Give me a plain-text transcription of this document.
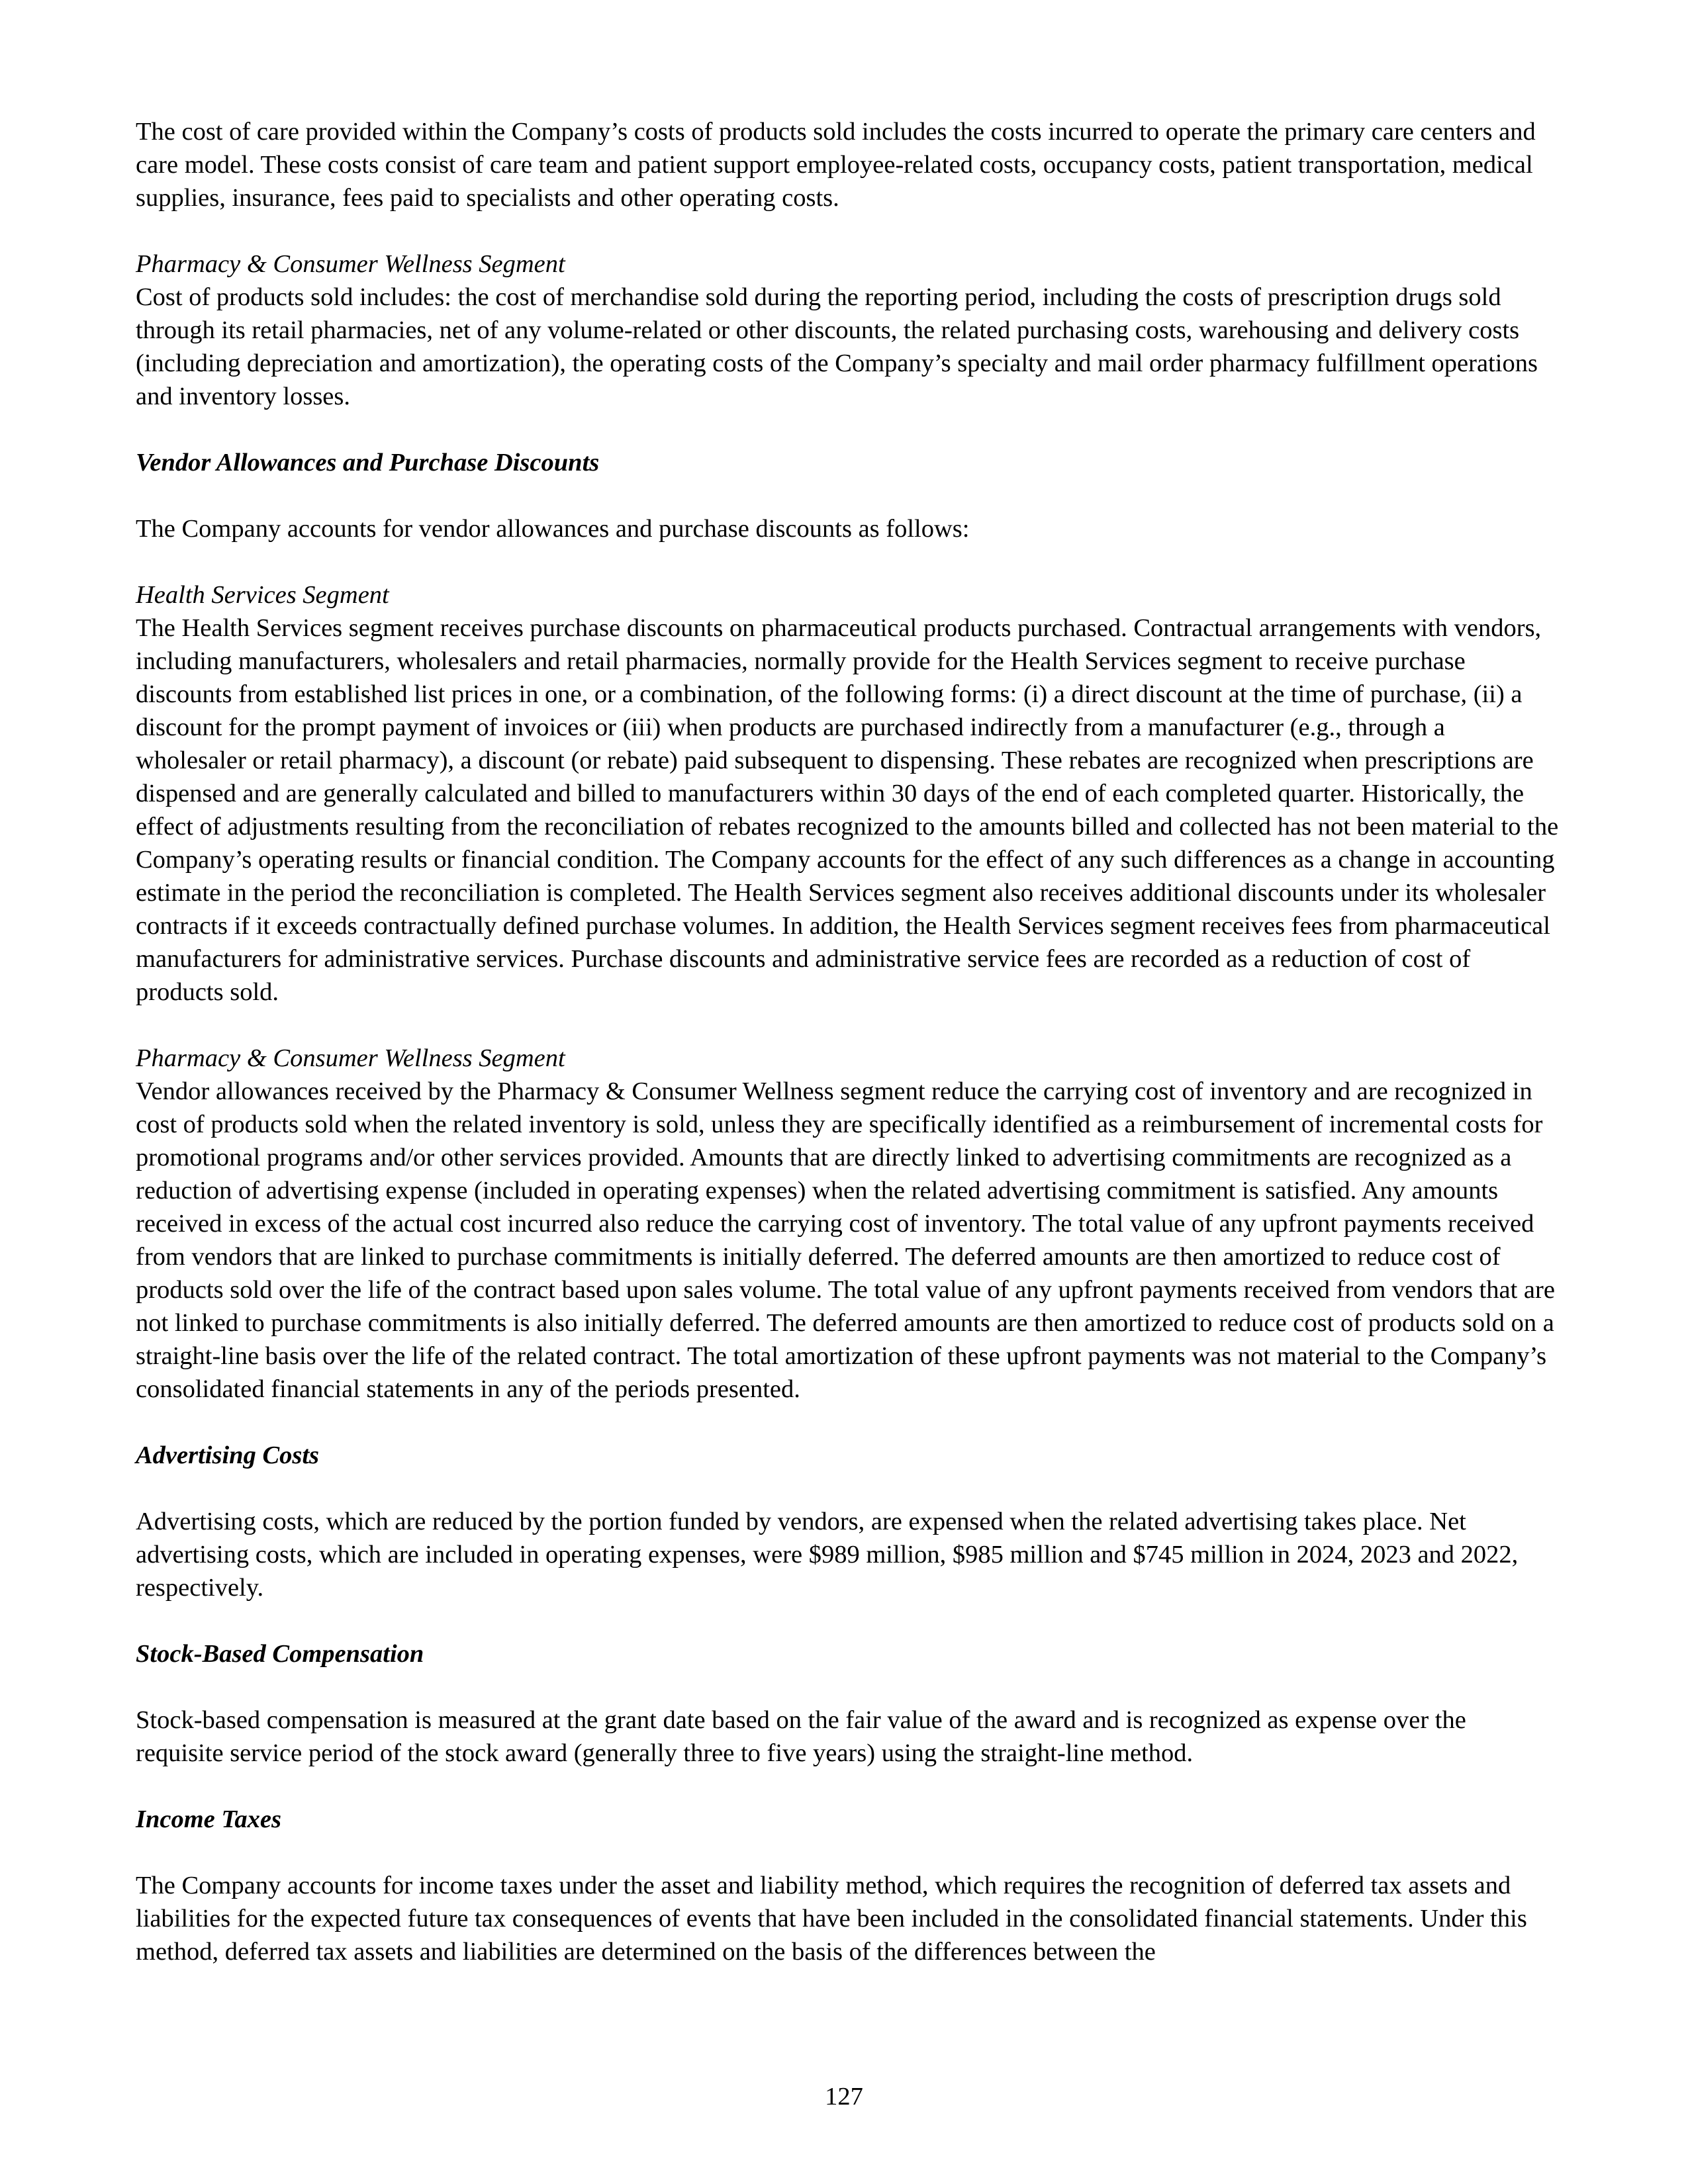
The cost of care provided within the Company’s costs of products sold includes the costs incurred to operate the primary care centers and care model. These costs consist of care team and patient support employee-related costs, occupancy costs, patient transportation, medical supplies, insurance, fees paid to specialists and other operating costs.

Pharmacy & Consumer Wellness Segment

Cost of products sold includes: the cost of merchandise sold during the reporting period, including the costs of prescription drugs sold through its retail pharmacies, net of any volume-related or other discounts, the related purchasing costs, warehousing and delivery costs (including depreciation and amortization), the operating costs of the Company’s specialty and mail order pharmacy fulfillment operations and inventory losses.

Vendor Allowances and Purchase Discounts

The Company accounts for vendor allowances and purchase discounts as follows:

Health Services Segment

The Health Services segment receives purchase discounts on pharmaceutical products purchased. Contractual arrangements with vendors, including manufacturers, wholesalers and retail pharmacies, normally provide for the Health Services segment to receive purchase discounts from established list prices in one, or a combination, of the following forms: (i) a direct discount at the time of purchase, (ii) a discount for the prompt payment of invoices or (iii) when products are purchased indirectly from a manufacturer (e.g., through a wholesaler or retail pharmacy), a discount (or rebate) paid subsequent to dispensing. These rebates are recognized when prescriptions are dispensed and are generally calculated and billed to manufacturers within 30 days of the end of each completed quarter. Historically, the effect of adjustments resulting from the reconciliation of rebates recognized to the amounts billed and collected has not been material to the Company’s operating results or financial condition. The Company accounts for the effect of any such differences as a change in accounting estimate in the period the reconciliation is completed. The Health Services segment also receives additional discounts under its wholesaler contracts if it exceeds contractually defined purchase volumes. In addition, the Health Services segment receives fees from pharmaceutical manufacturers for administrative services. Purchase discounts and administrative service fees are recorded as a reduction of cost of products sold.

Pharmacy & Consumer Wellness Segment

Vendor allowances received by the Pharmacy & Consumer Wellness segment reduce the carrying cost of inventory and are recognized in cost of products sold when the related inventory is sold, unless they are specifically identified as a reimbursement of incremental costs for promotional programs and/or other services provided. Amounts that are directly linked to advertising commitments are recognized as a reduction of advertising expense (included in operating expenses) when the related advertising commitment is satisfied. Any amounts received in excess of the actual cost incurred also reduce the carrying cost of inventory. The total value of any upfront payments received from vendors that are linked to purchase commitments is initially deferred. The deferred amounts are then amortized to reduce cost of products sold over the life of the contract based upon sales volume. The total value of any upfront payments received from vendors that are not linked to purchase commitments is also initially deferred. The deferred amounts are then amortized to reduce cost of products sold on a straight-line basis over the life of the related contract. The total amortization of these upfront payments was not material to the Company’s consolidated financial statements in any of the periods presented.

Advertising Costs

Advertising costs, which are reduced by the portion funded by vendors, are expensed when the related advertising takes place. Net advertising costs, which are included in operating expenses, were $989 million, $985 million and $745 million in 2024, 2023 and 2022, respectively.

Stock-Based Compensation

Stock-based compensation is measured at the grant date based on the fair value of the award and is recognized as expense over the requisite service period of the stock award (generally three to five years) using the straight-line method.

Income Taxes

The Company accounts for income taxes under the asset and liability method, which requires the recognition of deferred tax assets and liabilities for the expected future tax consequences of events that have been included in the consolidated financial statements. Under this method, deferred tax assets and liabilities are determined on the basis of the differences between the

127
